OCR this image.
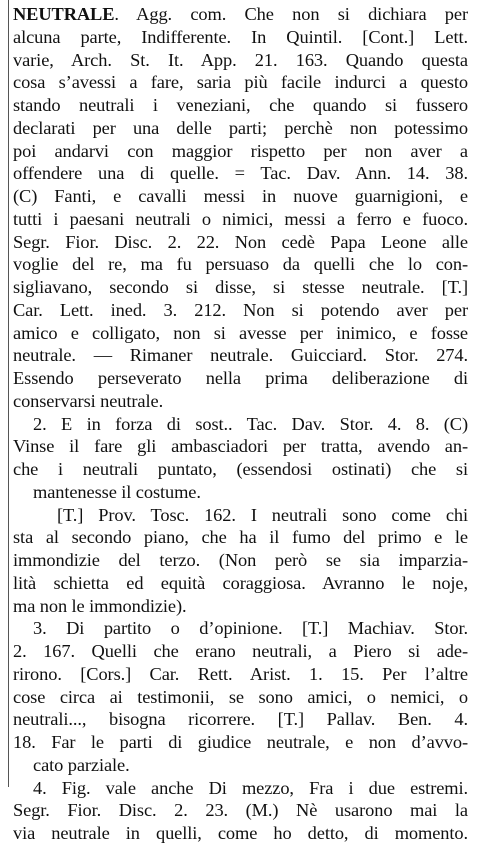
NEUTRALE. Agg. com. Che non si dichiara per
alcuna parte, Indifferente. In Quintil. [Cont.] Lett.
varie, Arch. St. It. App. 21. 163. Quando questa
cosa s’avessi a fare, saria più facile indurci a questo
stando neutrali i veneziani, che quando si fussero
declarati per una delle parti; perchè non potessimo
poi andarvi con maggior rispetto per non aver a
offendere una di quelle. = Tac. Dav. Ann. 14. 38.
(C) Fanti, e cavalli messi in nuove guarnigioni, e
tutti i paesani neutrali o nimici, messi a ferro e fuoco.
Segr. Fior. Disc. 2. 22. Non cedè Papa Leone alle
voglie del re, ma fu persuaso da quelli che lo con-
sigliavano, secondo si disse, si stesse neutrale. [T.]
Car. Lett. ined. 3. 212. Non si potendo aver per
amico e colligato, non si avesse per inimico, e fosse
neutrale. — Rimaner neutrale. Guicciard. Stor. 274.
Essendo perseverato nella prima deliberazione di
conservarsi neutrale.
2. E in forza di sost.. Tac. Dav. Stor. 4. 8. (C)
Vinse il fare gli ambasciadori per tratta, avendo an-
che i neutrali puntato, (essendosi ostinati) che si
mantenesse il costume.
[T.] Prov. Tosc. 162. I neutrali sono come chi
sta al secondo piano, che ha il fumo del primo e le
immondizie del terzo. (Non però se sia imparzia-
lità schietta ed equità coraggiosa. Avranno le noje,
ma non le immondizie).
3. Di partito o d’opinione. [T.] Machiav. Stor.
2. 167. Quelli che erano neutrali, a Piero si ade-
rirono. [Cors.] Car. Rett. Arist. 1. 15. Per l’altre
cose circa ai testimonii, se sono amici, o nemici, o
neutrali..., bisogna ricorrere. [T.] Pallav. Ben. 4.
18. Far le parti di giudice neutrale, e non d’avvo-
cato parziale.
4. Fig. vale anche Di mezzo, Fra i due estremi.
Segr. Fior. Disc. 2. 23. (M.) Nè usarono mai la
via neutrale in quelli, come ho detto, di momento.
